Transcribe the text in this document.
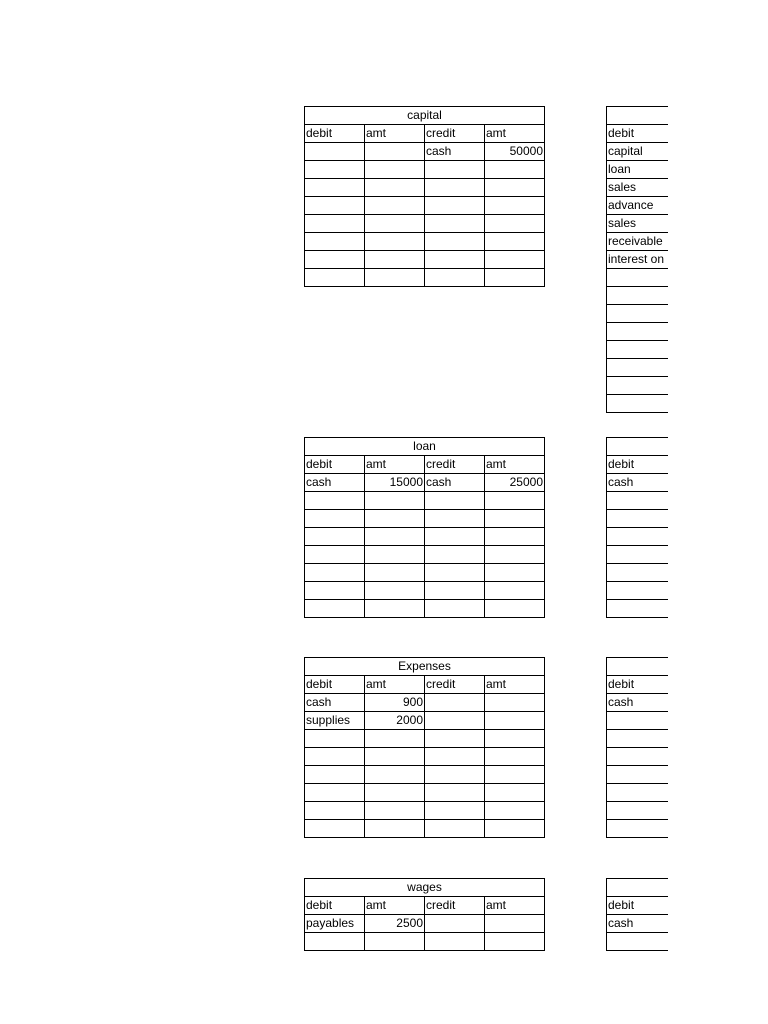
capital			
debit	amt	credit	amt
		cash	50000

loan			
debit	amt	credit	amt
cash	15000	cash	25000

Expenses			
debit	amt	credit	amt
cash	900		
supplies	2000		

wages			
debit	amt	credit	amt
payables	2500		

debit
capital
loan
sales
advance
sales
receivable
interest on

debit
cash

debit
cash

debit
cash
